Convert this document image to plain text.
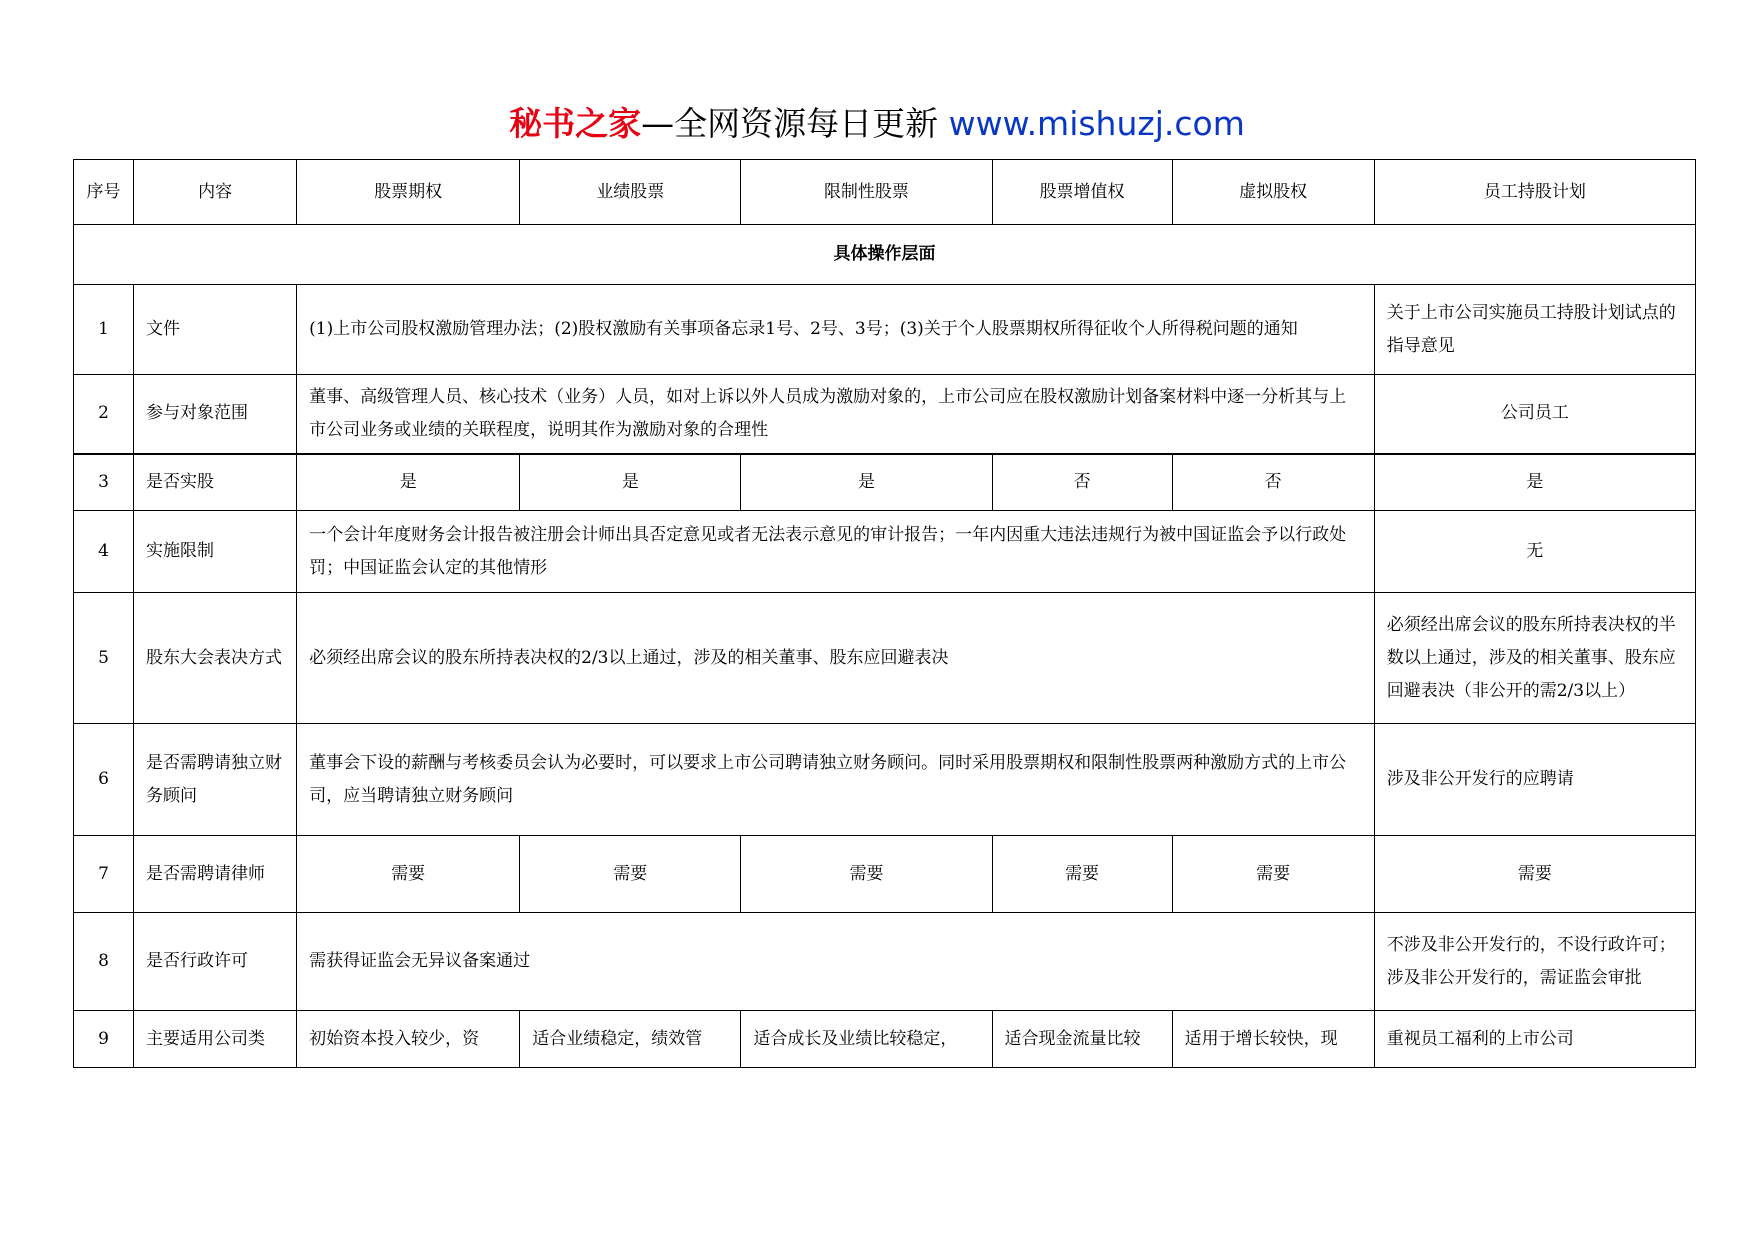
秘书之家—全网资源每日更新 www.mishuzj.com
序号	内容	股票期权	业绩股票	限制性股票	股票增值权	虚拟股权	员工持股计划
具体操作层面							
1	文件	(1)上市公司股权激励管理办法；(2)股权激励有关事项备忘录1号、2号、3号；(3)关于个人股票期权所得征收个人所得税问题的通知					关于上市公司实施员工持股计划试点的指导意见
2	参与对象范围	董事、高级管理人员、核心技术（业务）人员，如对上诉以外人员成为激励对象的，上市公司应在股权激励计划备案材料中逐一分析其与上市公司业务或业绩的关联程度，说明其作为激励对象的合理性					公司员工
3	是否实股	是	是	是	否	否	是
4	实施限制	一个会计年度财务会计报告被注册会计师出具否定意见或者无法表示意见的审计报告；一年内因重大违法违规行为被中国证监会予以行政处罚；中国证监会认定的其他情形					无
5	股东大会表决方式	必须经出席会议的股东所持表决权的2/3以上通过，涉及的相关董事、股东应回避表决					必须经出席会议的股东所持表决权的半数以上通过，涉及的相关董事、股东应回避表决（非公开的需2/3以上）
6	是否需聘请独立财务顾问	董事会下设的薪酬与考核委员会认为必要时，可以要求上市公司聘请独立财务顾问。同时采用股票期权和限制性股票两种激励方式的上市公司，应当聘请独立财务顾问					涉及非公开发行的应聘请
7	是否需聘请律师	需要	需要	需要	需要	需要	需要
8	是否行政许可	需获得证监会无异议备案通过					不涉及非公开发行的，不设行政许可；涉及非公开发行的，需证监会审批
9	主要适用公司类	初始资本投入较少，资	适合业绩稳定，绩效管	适合成长及业绩比较稳定，	适合现金流量比较	适用于增长较快，现	重视员工福利的上市公司
